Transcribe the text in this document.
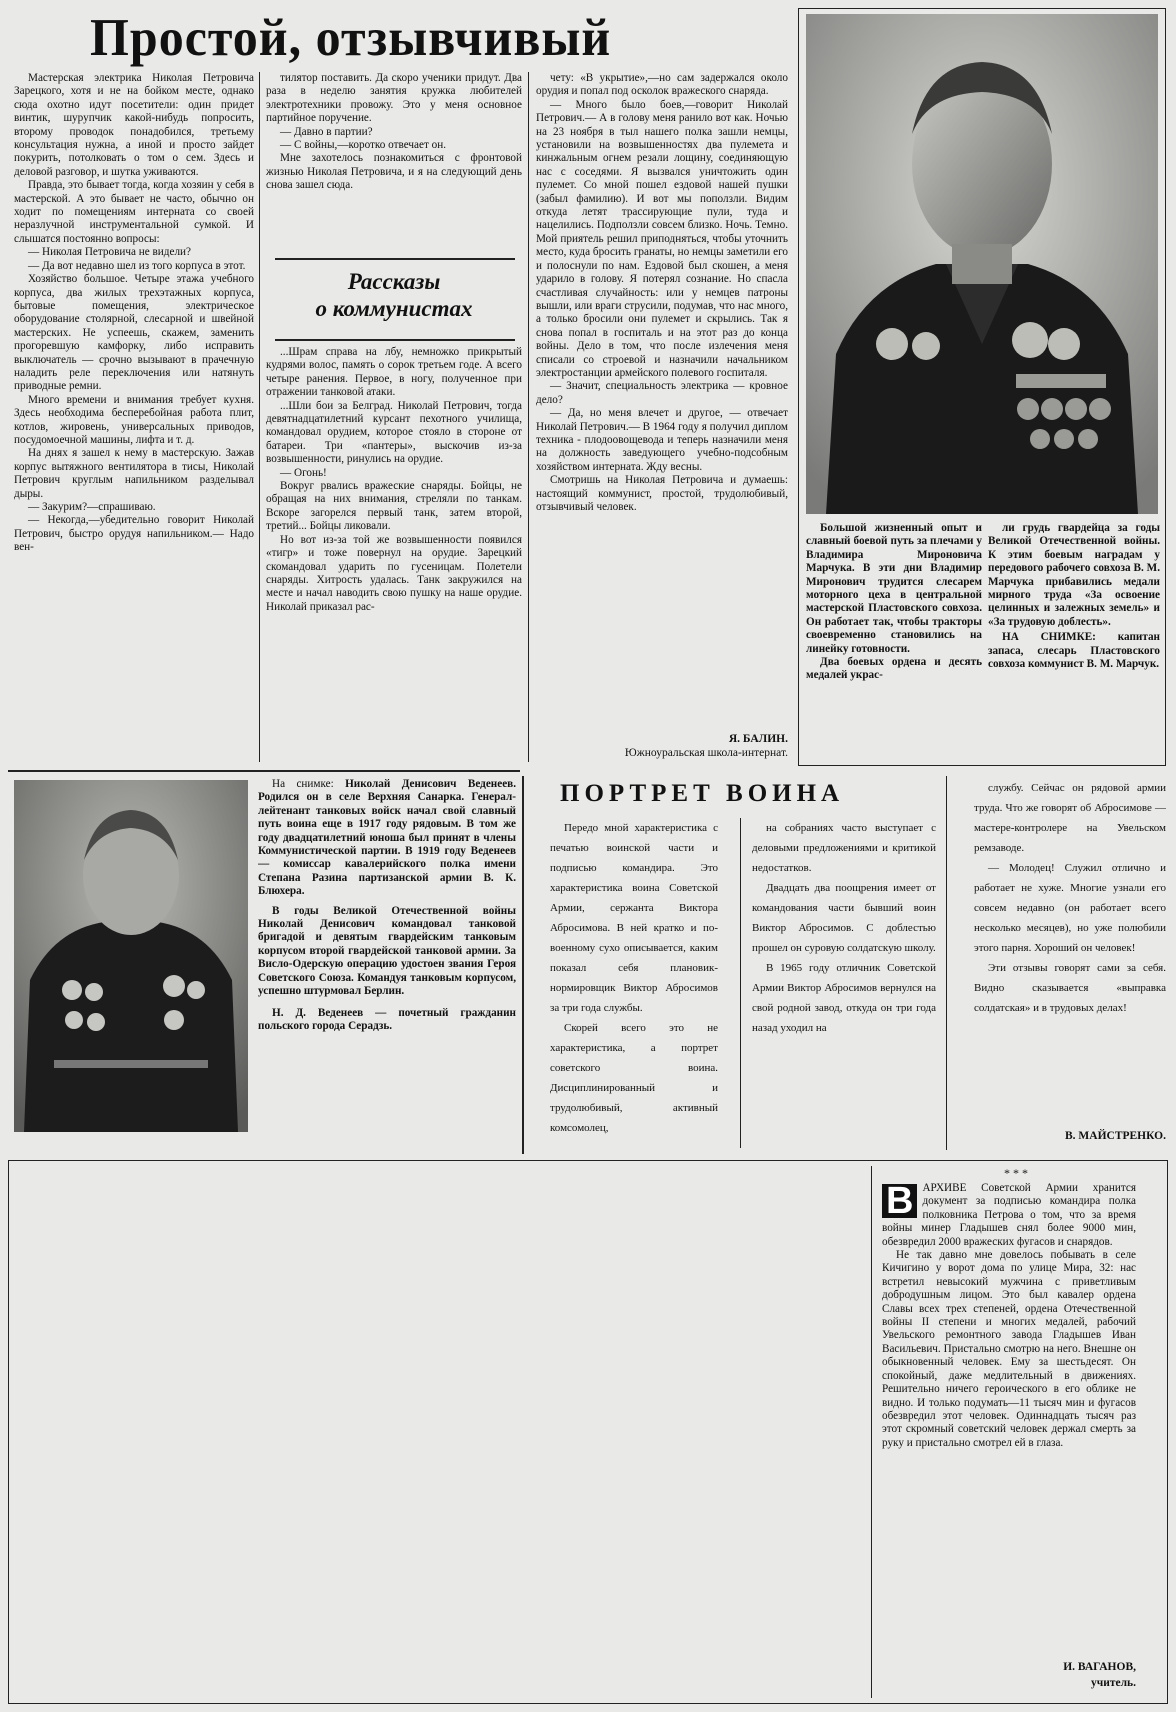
Простой, отзывчивый

Мастерская электрика Николая Петровича Зарецкого, хотя и не на бойком месте, однако сюда охотно идут посетители: один придет винтик, шурупчик какой-нибудь попросить, второму проводок понадобился, третьему консультация нужна, а иной и просто зайдет покурить, потолковать о том о сем. Здесь и деловой разговор, и шутка уживаются.

Правда, это бывает тогда, когда хозяин у себя в мастерской. А это бывает не часто, обычно он ходит по помещениям интерната со своей неразлучной инструментальной сумкой. И слышатся постоянно вопросы:

— Николая Петровича не видели?

— Да вот недавно шел из того корпуса в этот.

Хозяйство большое. Четыре этажа учебного корпуса, два жилых трехэтажных корпуса, бытовые помещения, электрическое оборудование столярной, слесарной и швейной мастерских. Не успеешь, скажем, заменить прогоревшую камфорку, либо исправить выключатель — срочно вызывают в прачечную наладить реле переключения или натянуть приводные ремни.

Много времени и внимания требует кухня. Здесь необходима бесперебойная работа плит, котлов, жировень, универсальных приводов, посудомоечной машины, лифта и т. д.

На днях я зашел к нему в мастерскую. Зажав корпус вытяжного вентилятора в тисы, Николай Петрович круглым напильником разделывал дыры.

— Закурим?—спрашиваю.

— Некогда,—убедительно говорит Николай Петрович, быстро орудуя напильником.— Надо вен-

тилятор поставить. Да скоро ученики придут. Два раза в неделю занятия кружка любителей электротехники провожу. Это у меня основное партийное поручение.

— Давно в партии?

— С войны,—коротко отвечает он.

Мне захотелось познакомиться с фронтовой жизнью Николая Петровича, и я на следующий день снова зашел сюда.

Рассказы
о коммунистах

...Шрам справа на лбу, немножко прикрытый кудрями волос, память о сорок третьем годе. А всего четыре ранения. Первое, в ногу, полученное при отражении танковой атаки.

...Шли бои за Белград. Николай Петрович, тогда девятнадцатилетний курсант пехотного училища, командовал орудием, которое стояло в стороне от батареи. Три «пантеры», выскочив из-за возвышенности, ринулись на орудие.

— Огонь!

Вокруг рвались вражеские снаряды. Бойцы, не обращая на них внимания, стреляли по танкам. Вскоре загорелся первый танк, затем второй, третий... Бойцы ликовали.

Но вот из-за той же возвышенности появился «тигр» и тоже повернул на орудие. Зарецкий скомандовал ударить по гусеницам. Полетели снаряды. Хитрость удалась. Танк закружился на месте и начал наводить свою пушку на наше орудие. Николай приказал рас-

чету: «В укрытие»,—но сам задержался около орудия и попал под осколок вражеского снаряда.

— Много было боев,—говорит Николай Петрович.— А в голову меня ранило вот как. Ночью на 23 ноября в тыл нашего полка зашли немцы, установили на возвышенностях два пулемета и кинжальным огнем резали лощину, соединяющую нас с соседями. Я вызвался уничтожить один пулемет. Со мной пошел ездовой нашей пушки (забыл фамилию). И вот мы поползли. Видим откуда летят трассирующие пули, туда и нацелились. Подползли совсем близко. Ночь. Темно. Мой приятель решил приподняться, чтобы уточнить место, куда бросить гранаты, но немцы заметили его и полоснули по нам. Ездовой был скошен, а меня ударило в голову. Я потерял сознание. Но спасла счастливая случайность: или у немцев патроны вышли, или враги струсили, подумав, что нас много, а только бросили они пулемет и скрылись. Так я снова попал в госпиталь и на этот раз до конца войны. Дело в том, что после излечения меня списали со строевой и назначили начальником электростанции армейского полевого госпиталя.

— Значит, специальность электрика — кровное дело?

— Да, но меня влечет и другое, — отвечает Николай Петрович.— В 1964 году я получил диплом техника - плодоовощевода и теперь назначили меня на должность заведующего учебно-подсобным хозяйством интерната. Жду весны.

Смотришь на Николая Петровича и думаешь: настоящий коммунист, простой, трудолюбивый, отзывчивый человек.

Я. БАЛИН.
Южноуральская школа-интернат.

Большой жизненный опыт и славный боевой путь за плечами у Владимира Мироновича Марчука. В эти дни Владимир Миронович трудится слесарем моторного цеха в центральной мастерской Пластовского совхоза. Он работает так, чтобы тракторы своевременно становились на линейку готовности.

Два боевых ордена и десять медалей украс-

ли грудь гвардейца за годы Великой Отечественной войны. К этим боевым наградам у передового рабочего совхоза В. М. Марчука прибавились медали мирного труда «За освоение целинных и залежных земель» и «За трудовую доблесть».

НА СНИМКЕ: капитан запаса, слесарь Пластовского совхоза коммунист В. М. Марчук.

На снимке: Николай Денисович Веденеев. Родился он в селе Верхняя Санарка. Генерал-лейтенант танковых войск начал свой славный путь воина еще в 1917 году рядовым. В том же году двадцатилетний юноша был принят в члены Коммунистической партии. В 1919 году Веденеев — комиссар кавалерийского полка имени Степана Разина партизанской армии В. К. Блюхера.

В годы Великой Отечественной войны Николай Денисович командовал танковой бригадой и девятым гвардейским танковым корпусом второй гвардейской танковой армии. За Висло-Одерскую операцию удостоен звания Героя Советского Союза. Командуя танковым корпусом, успешно штурмовал Берлин.

Н. Д. Веденеев — почетный гражданин польского города Серадзь.

ПОРТРЕТ ВОИНА

Передо мной характеристика с печатью воинской части и подписью командира. Это характеристика воина Советской Армии, сержанта Виктора Абросимова. В ней кратко и по-военному сухо описывается, каким показал себя плановик-нормировщик Виктор Абросимов за три года службы.

Скорей всего это не характеристика, а портрет советского воина. Дисциплинированный и трудолюбивый, активный комсомолец,

на собраниях часто выступает с деловыми предложениями и критикой недостатков.

Двадцать два поощрения имеет от командования части бывший воин Виктор Абросимов. С доблестью прошел он суровую солдатскую школу.

В 1965 году отличник Советской Армии Виктор Абросимов вернулся на свой родной завод, откуда он три года назад уходил на

службу. Сейчас он рядовой армии труда. Что же говорят об Абросимове — мастере-контролере на Увельском ремзаводе.

— Молодец! Служил отлично и работает не хуже. Многие узнали его совсем недавно (он работает всего несколько месяцев), но уже полюбили этого парня. Хороший он человек!

Эти отзывы говорят сами за себя. Видно сказывается «выправка солдатская» и в трудовых делах!

В. МАЙСТРЕНКО.
* * *

В АРХИВЕ Советской Армии хранится документ за подписью командира полка полковника Петрова о том, что за время войны минер Гладышев снял более 9000 мин, обезвредил 2000 вражеских фугасов и снарядов.

Не так давно мне довелось побывать в селе Кичигино у ворот дома по улице Мира, 32: нас встретил невысокий мужчина с приветливым добродушным лицом. Это был кавалер ордена Славы всех трех степеней, ордена Отечественной войны II степени и многих медалей, рабочий Увельского ремонтного завода Гладышев Иван Васильевич. Пристально смотрю на него. Внешне он обыкновенный человек. Ему за шестьдесят. Он спокойный, даже медлительный в движениях. Решительно ничего героического в его облике не видно. И только подумать—11 тысяч мин и фугасов обезвредил этот человек. Одиннадцать тысяч раз этот скромный советский человек держал смерть за руку и пристально смотрел ей в глаза.

И. ВАГАНОВ,
учитель.
